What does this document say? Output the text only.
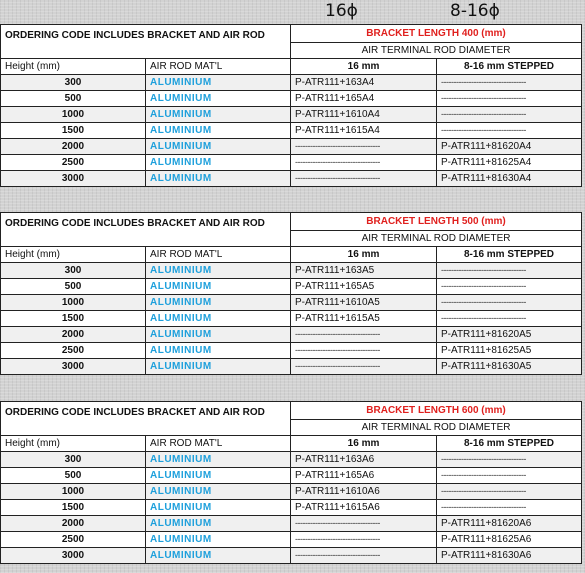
16ϕ	8-16ϕ
ORDERING CODE INCLUDES BRACKET AND AIR ROD		BRACKET LENGTH 400 (mm)	
		AIR TERMINAL ROD DIAMETER	
Height (mm)	AIR ROD MAT'L	16 mm	8-16 mm STEPPED
300	ALUMINIUM	P-ATR111+163A4	----------------------------------
500	ALUMINIUM	P-ATR111+165A4	----------------------------------
1000	ALUMINIUM	P-ATR111+1610A4	----------------------------------
1500	ALUMINIUM	P-ATR111+1615A4	----------------------------------
2000	ALUMINIUM	----------------------------------	P-ATR111+81620A4
2500	ALUMINIUM	----------------------------------	P-ATR111+81625A4
3000	ALUMINIUM	----------------------------------	P-ATR111+81630A4
ORDERING CODE INCLUDES BRACKET AND AIR ROD		BRACKET LENGTH 500 (mm)	
		AIR TERMINAL ROD DIAMETER	
Height (mm)	AIR ROD MAT'L	16 mm	8-16 mm STEPPED
300	ALUMINIUM	P-ATR111+163A5	----------------------------------
500	ALUMINIUM	P-ATR111+165A5	----------------------------------
1000	ALUMINIUM	P-ATR111+1610A5	----------------------------------
1500	ALUMINIUM	P-ATR111+1615A5	----------------------------------
2000	ALUMINIUM	----------------------------------	P-ATR111+81620A5
2500	ALUMINIUM	----------------------------------	P-ATR111+81625A5
3000	ALUMINIUM	----------------------------------	P-ATR111+81630A5
ORDERING CODE INCLUDES BRACKET AND AIR ROD		BRACKET LENGTH 600 (mm)	
		AIR TERMINAL ROD DIAMETER	
Height (mm)	AIR ROD MAT'L	16 mm	8-16 mm STEPPED
300	ALUMINIUM	P-ATR111+163A6	----------------------------------
500	ALUMINIUM	P-ATR111+165A6	----------------------------------
1000	ALUMINIUM	P-ATR111+1610A6	----------------------------------
1500	ALUMINIUM	P-ATR111+1615A6	----------------------------------
2000	ALUMINIUM	----------------------------------	P-ATR111+81620A6
2500	ALUMINIUM	----------------------------------	P-ATR111+81625A6
3000	ALUMINIUM	----------------------------------	P-ATR111+81630A6
